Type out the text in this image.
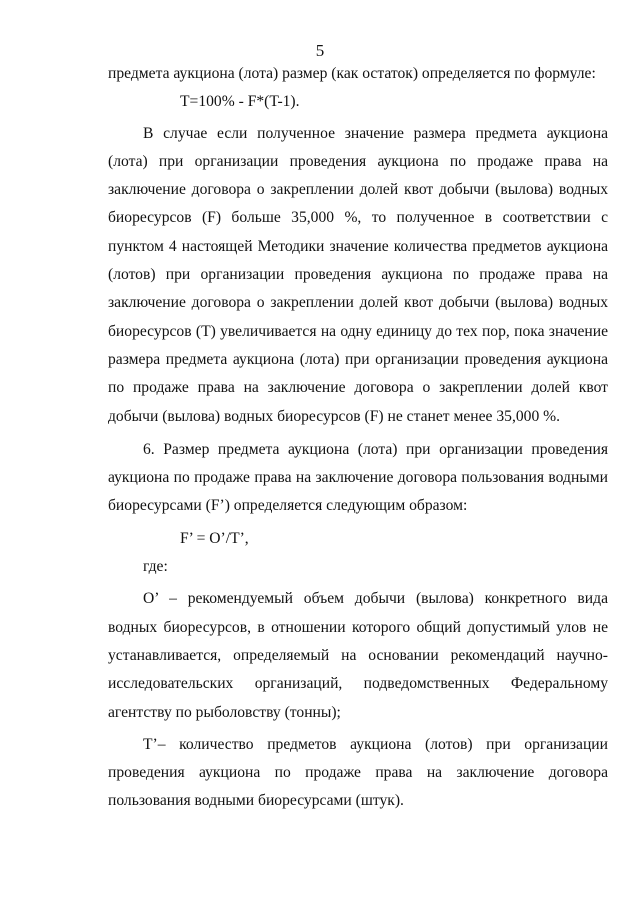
5

предмета аукциона (лота) размер (как остаток) определяется по формуле:

T=100% - F*(T-1).

В случае если полученное значение размера предмета аукциона (лота) при организации проведения аукциона по продаже права на заключение договора о закреплении долей квот добычи (вылова) водных биоресурсов (F) больше 35,000 %, то полученное в соответствии с пунктом 4 настоящей Методики значение количества предметов аукциона (лотов) при организации проведения аукциона по продаже права на заключение договора о закреплении долей квот добычи (вылова) водных биоресурсов (T) увеличивается на одну единицу до тех пор, пока значение размера предмета аукциона (лота) при организации проведения аукциона по продаже права на заключение договора о закреплении долей квот добычи (вылова) водных биоресурсов (F) не станет менее 35,000 %.

6. Размер предмета аукциона (лота) при организации проведения аукциона по продаже права на заключение договора пользования водными биоресурсами (F’) определяется следующим образом:

F’ = O’/T’,

где:

O’ – рекомендуемый объем добычи (вылова) конкретного вида водных биоресурсов, в отношении которого общий допустимый улов не устанавливается, определяемый на основании рекомендаций научно-исследовательских организаций, подведомственных Федеральному агентству по рыболовству (тонны);

T’– количество предметов аукциона (лотов) при организации проведения аукциона по продаже права на заключение договора пользования водными биоресурсами (штук).
